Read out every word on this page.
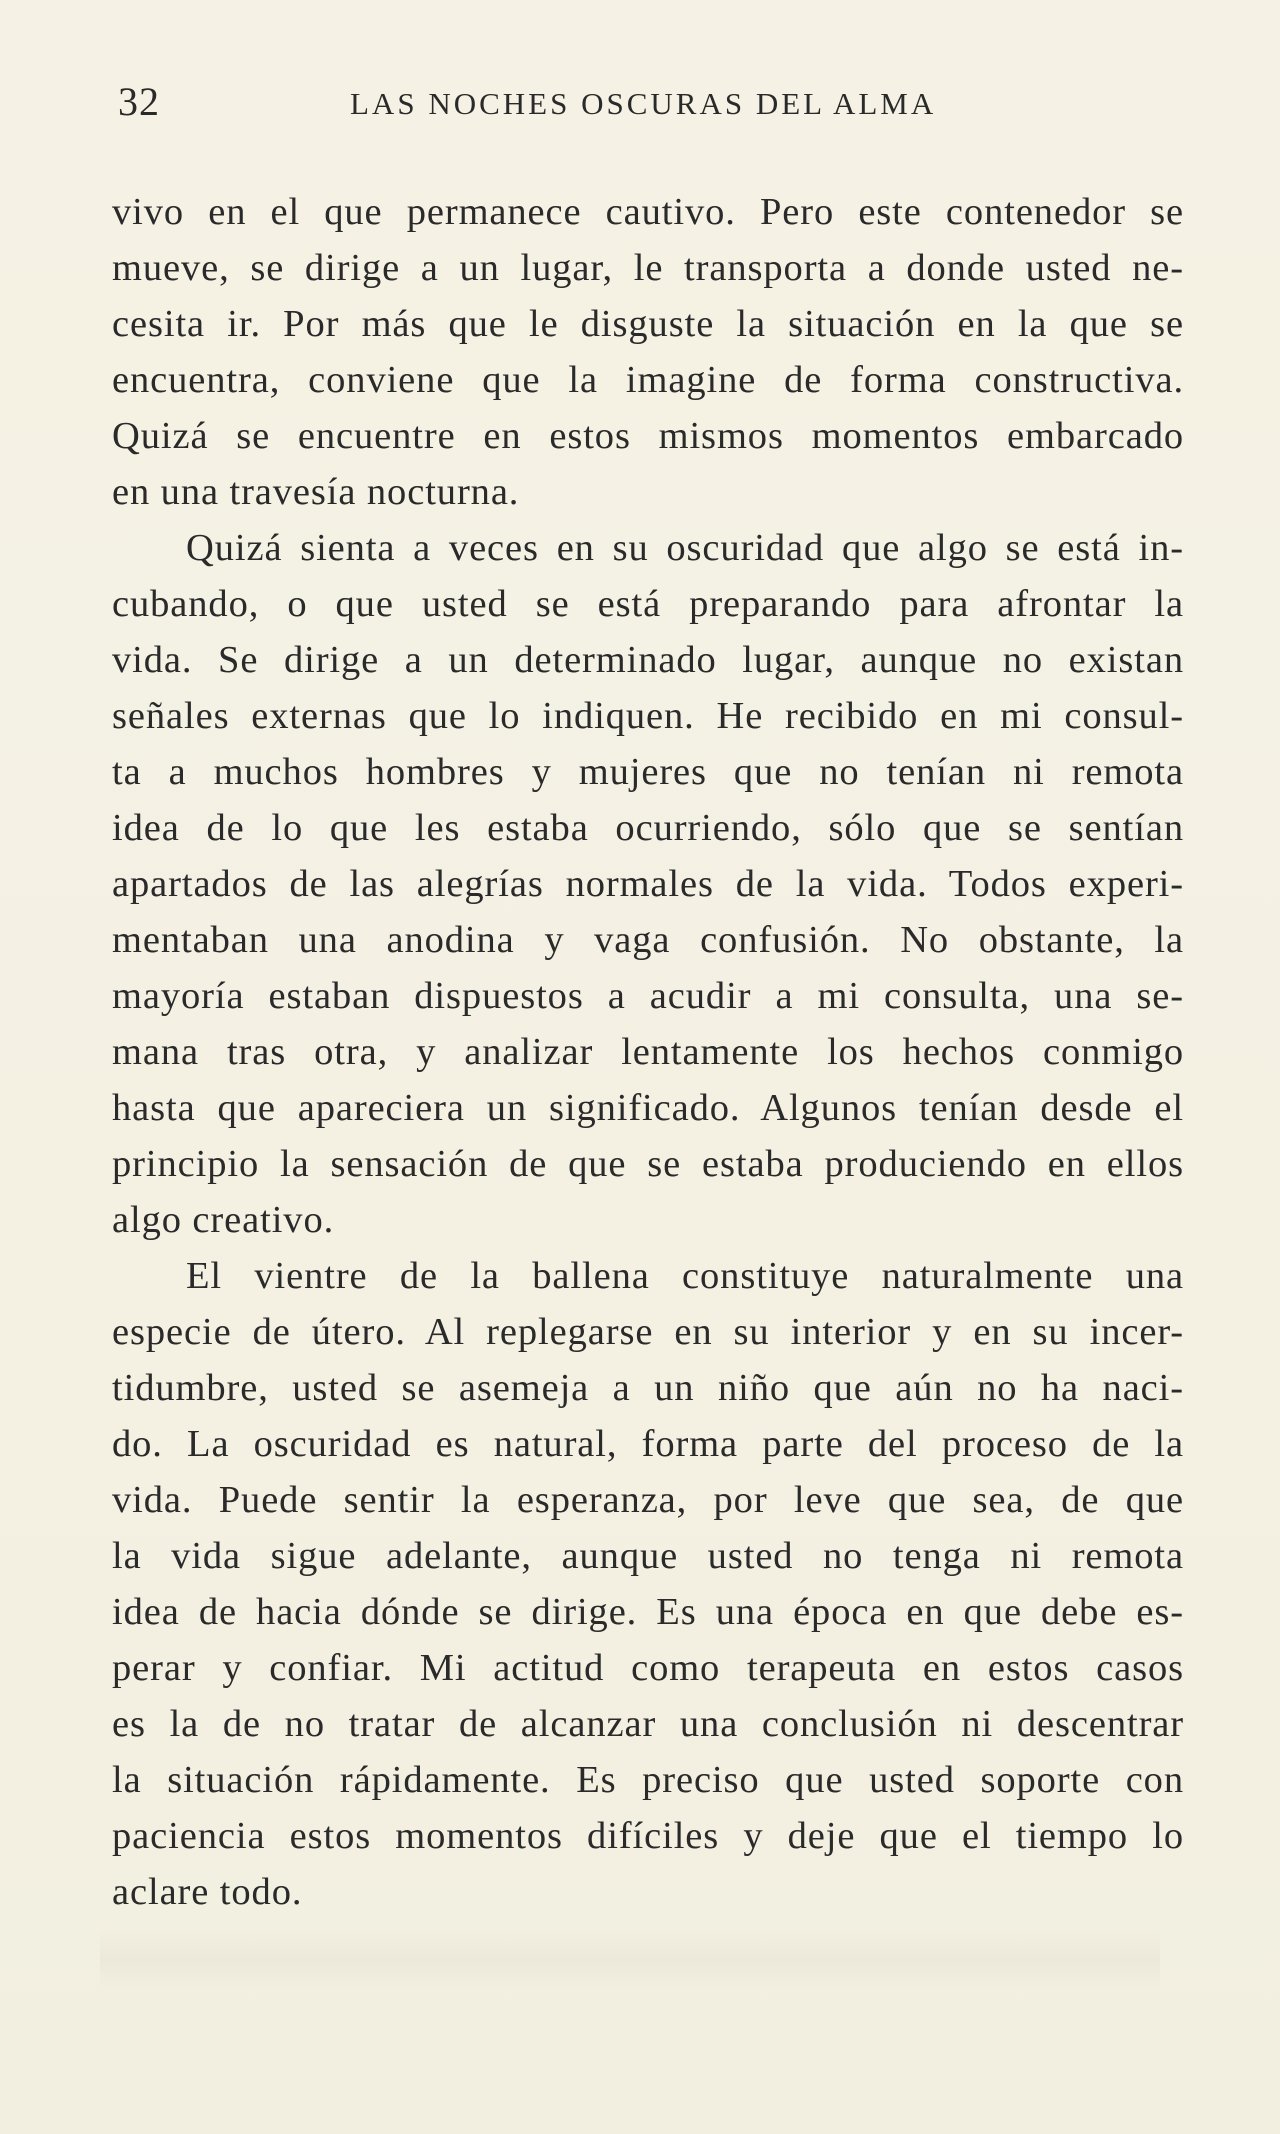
32	LAS NOCHES OSCURAS DEL ALMA
vivo en el que permanece cautivo. Pero este contenedor se
mueve, se dirige a un lugar, le transporta a donde usted ne-
cesita ir. Por más que le disguste la situación en la que se
encuentra, conviene que la imagine de forma constructiva.
Quizá se encuentre en estos mismos momentos embarcado
en una travesía nocturna.
Quizá sienta a veces en su oscuridad que algo se está in-
cubando, o que usted se está preparando para afrontar la
vida. Se dirige a un determinado lugar, aunque no existan
señales externas que lo indiquen. He recibido en mi consul-
ta a muchos hombres y mujeres que no tenían ni remota
idea de lo que les estaba ocurriendo, sólo que se sentían
apartados de las alegrías normales de la vida. Todos experi-
mentaban una anodina y vaga confusión. No obstante, la
mayoría estaban dispuestos a acudir a mi consulta, una se-
mana tras otra, y analizar lentamente los hechos conmigo
hasta que apareciera un significado. Algunos tenían desde el
principio la sensación de que se estaba produciendo en ellos
algo creativo.
El vientre de la ballena constituye naturalmente una
especie de útero. Al replegarse en su interior y en su incer-
tidumbre, usted se asemeja a un niño que aún no ha naci-
do. La oscuridad es natural, forma parte del proceso de la
vida. Puede sentir la esperanza, por leve que sea, de que
la vida sigue adelante, aunque usted no tenga ni remota
idea de hacia dónde se dirige. Es una época en que debe es-
perar y confiar. Mi actitud como terapeuta en estos casos
es la de no tratar de alcanzar una conclusión ni descentrar
la situación rápidamente. Es preciso que usted soporte con
paciencia estos momentos difíciles y deje que el tiempo lo
aclare todo.
